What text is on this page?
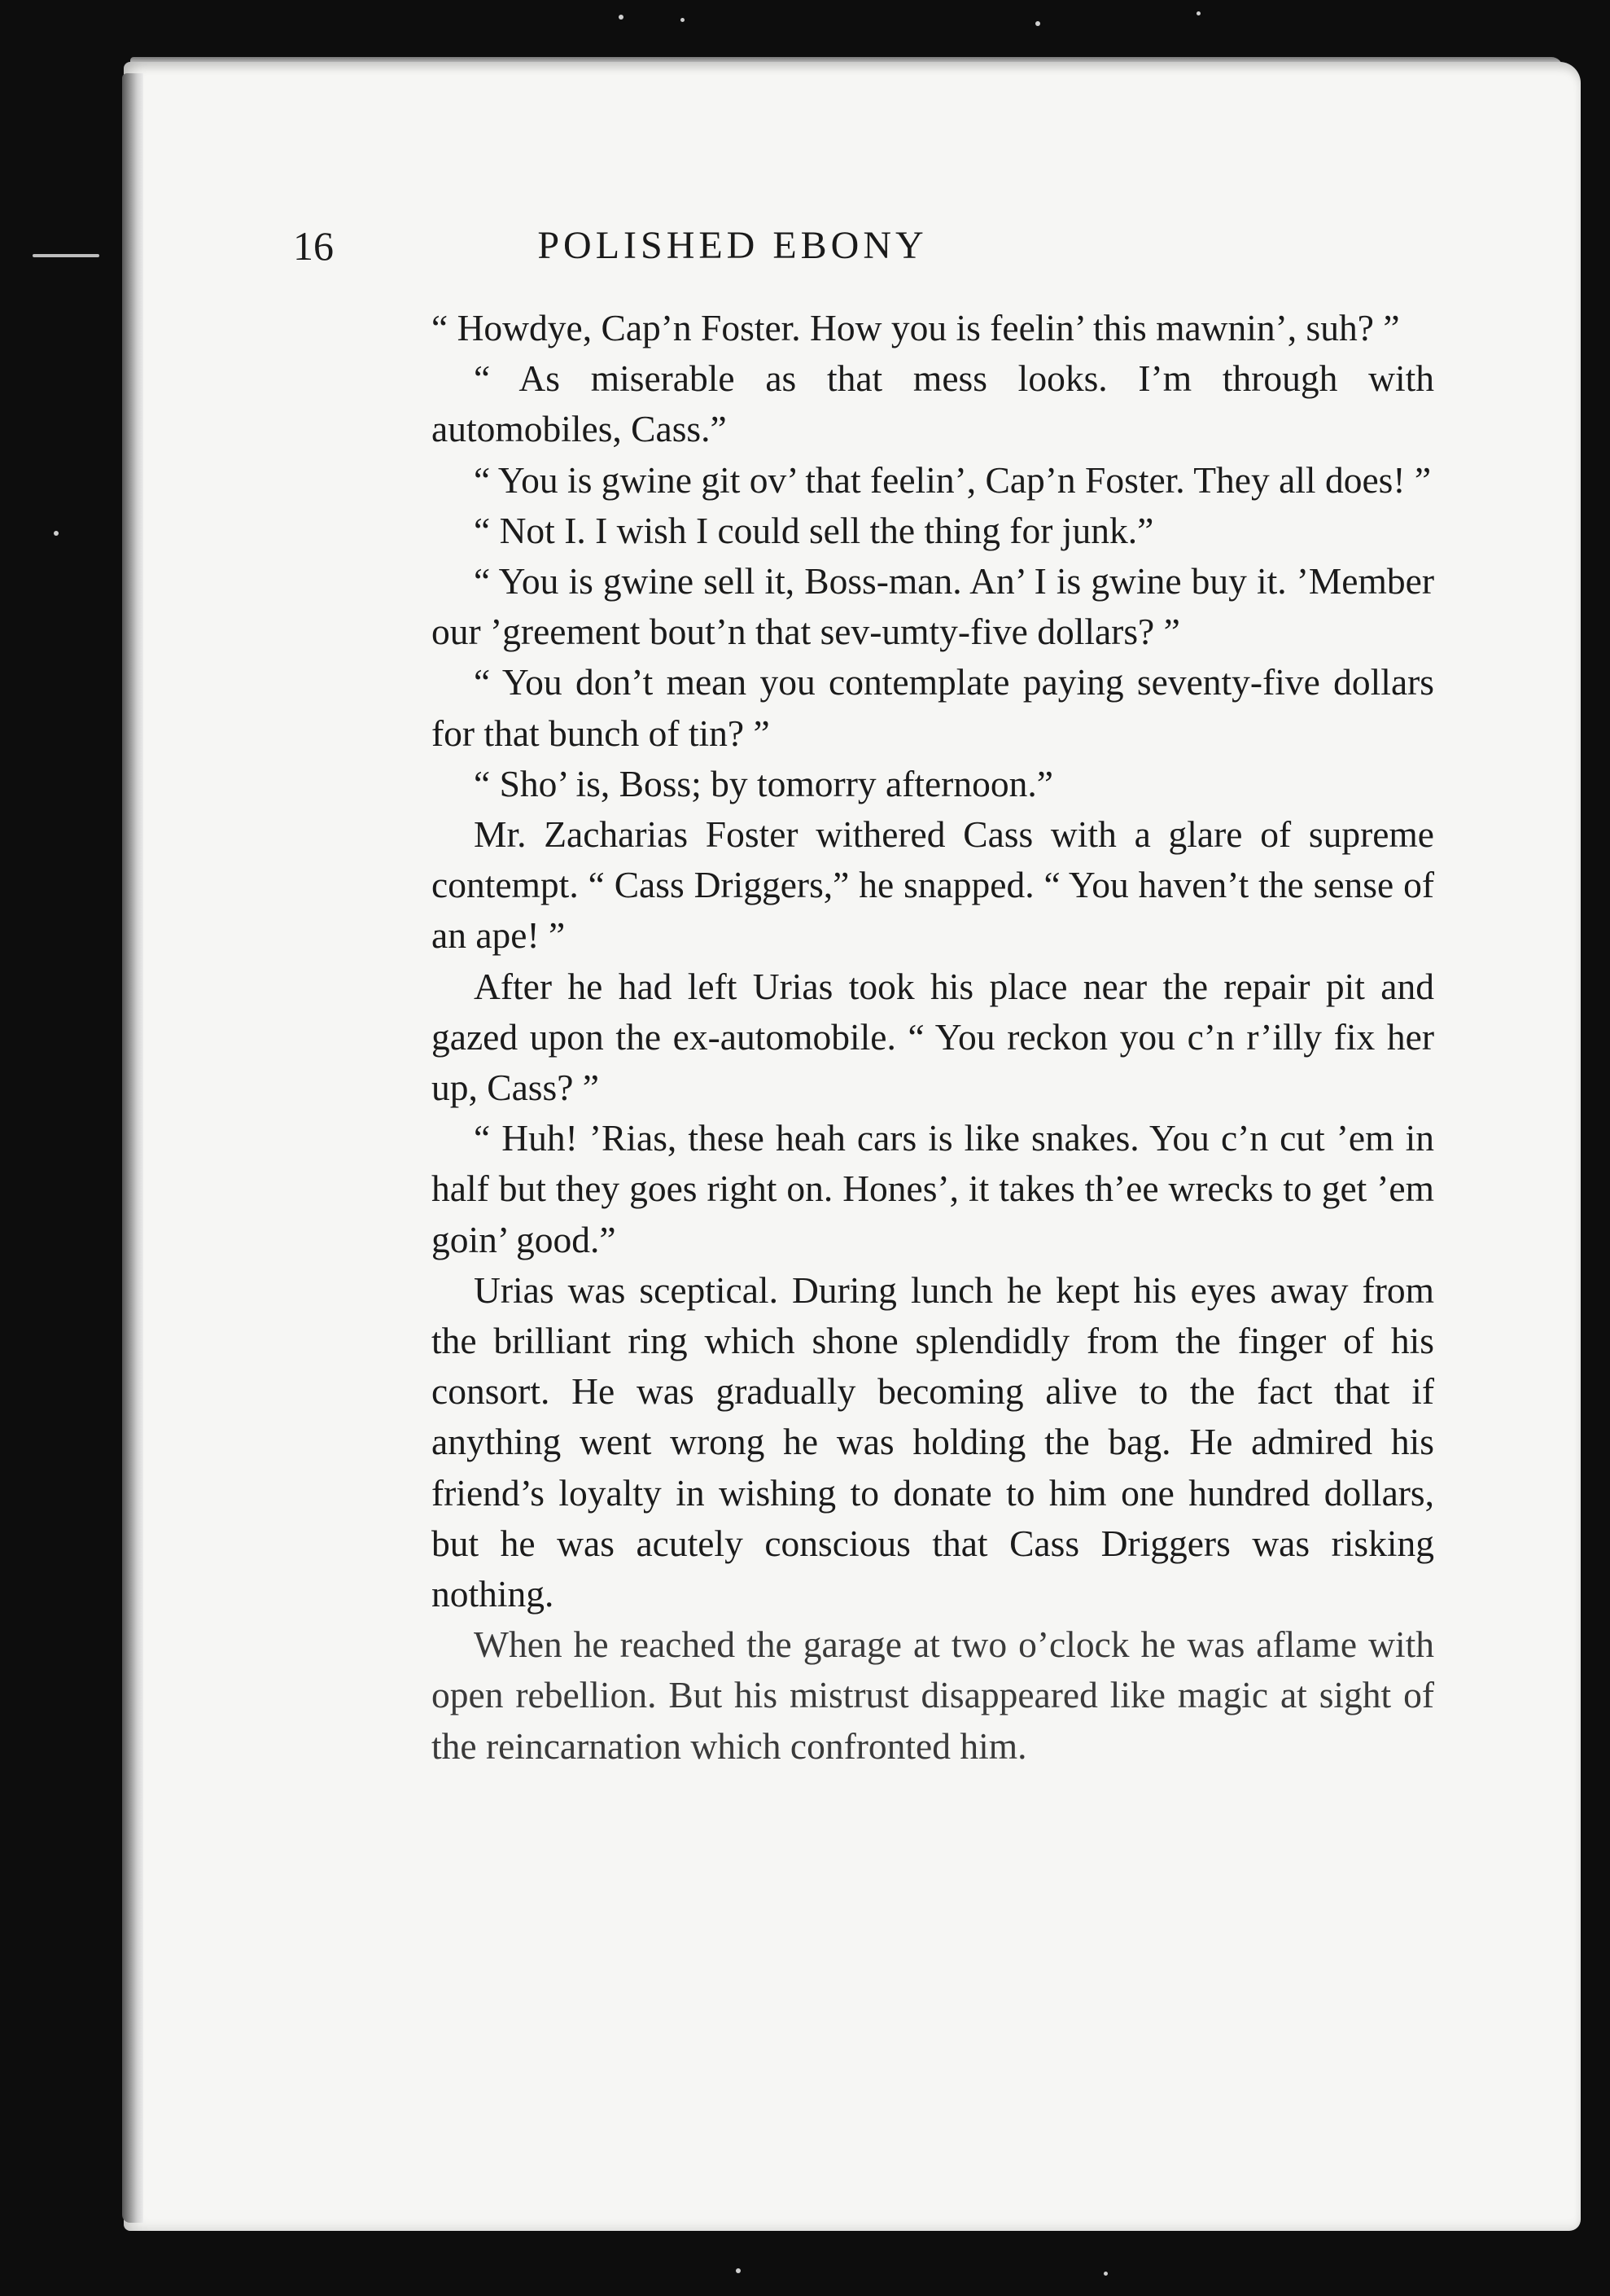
16	POLISHED EBONY

“ Howdye, Cap’n Foster. How you is feelin’ this mawnin’, suh? ”

“ As miserable as that mess looks. I’m through with automobiles, Cass.”

“ You is gwine git ov’ that feelin’, Cap’n Foster. They all does! ”

“ Not I. I wish I could sell the thing for junk.”

“ You is gwine sell it, Boss-man. An’ I is gwine buy it. ’Member our ’greement bout’n that sev-umty-five dollars? ”

“ You don’t mean you contemplate paying seventy-five dollars for that bunch of tin? ”

“ Sho’ is, Boss; by tomorry afternoon.”

Mr. Zacharias Foster withered Cass with a glare of supreme contempt. “ Cass Driggers,” he snapped. “ You haven’t the sense of an ape! ”

After he had left Urias took his place near the repair pit and gazed upon the ex-automobile. “ You reckon you c’n r’illy fix her up, Cass? ”

“ Huh! ’Rias, these heah cars is like snakes. You c’n cut ’em in half but they goes right on. Hones’, it takes th’ee wrecks to get ’em goin’ good.”

Urias was sceptical. During lunch he kept his eyes away from the brilliant ring which shone splendidly from the finger of his consort. He was gradually becoming alive to the fact that if anything went wrong he was holding the bag. He admired his friend’s loyalty in wishing to donate to him one hundred dollars, but he was acutely conscious that Cass Driggers was risking nothing.

When he reached the garage at two o’clock he was aflame with open rebellion. But his mistrust disappeared like magic at sight of the reincarnation which confronted him.
